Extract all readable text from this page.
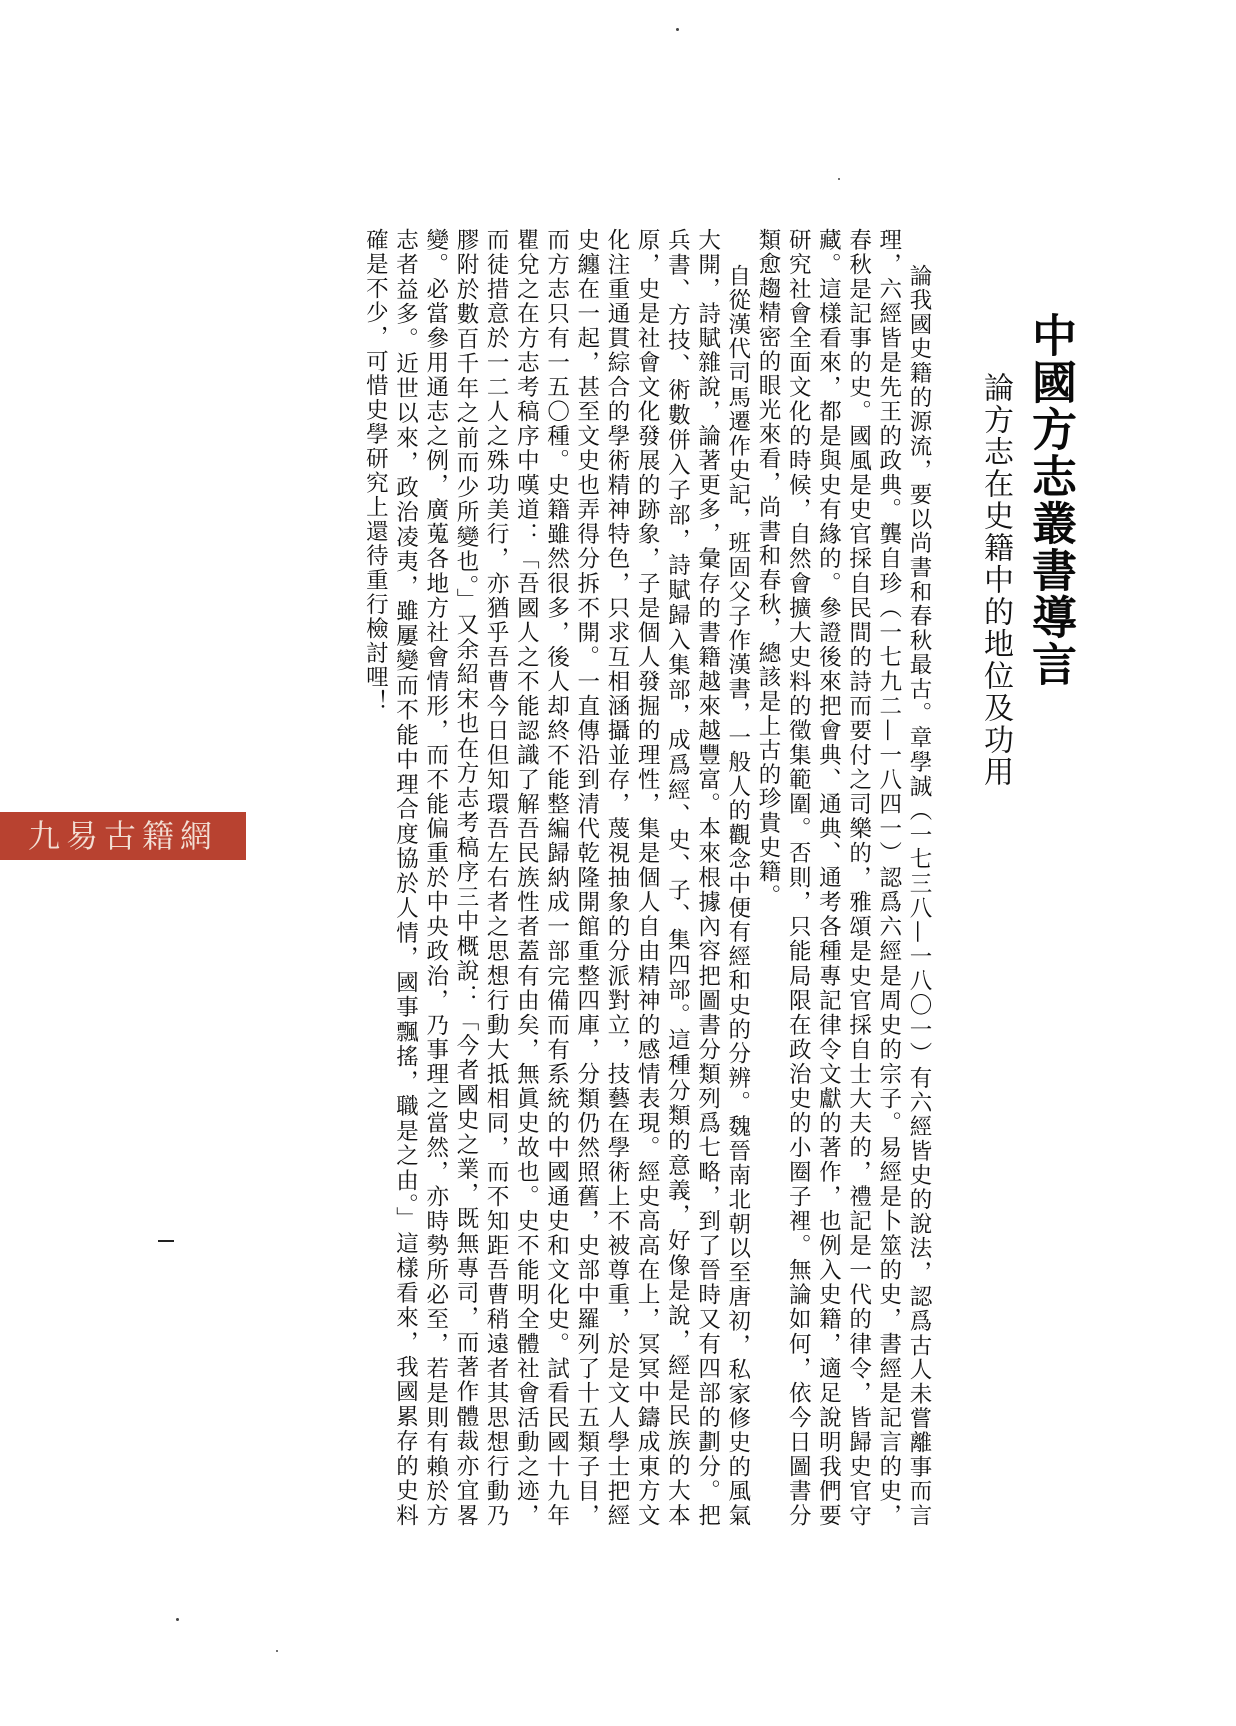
中國方志叢書導言
論方志在史籍中的地位及功用

論我國史籍的源流，要以尚書和春秋最古。章學誠（一七三八—一八〇一）有六經皆史的說法，認爲古人未嘗離事而言理，六經皆是先王的政典。龔自珍（一七九二—一八四一）認爲六經是周史的宗子。易經是卜筮的史，書經是記言的史，春秋是記事的史。國風是史官採自民間的詩而要付之司樂的，雅頌是史官採自士大夫的，禮記是一代的律令，皆歸史官守藏。這樣看來，都是與史有緣的。參證後來把會典、通典、通考各種專記律令文獻的著作，也例入史籍，適足說明我們要研究社會全面文化的時候，自然會擴大史料的徵集範圍。否則，只能局限在政治史的小圈子裡。無論如何，依今日圖書分類愈趨精密的眼光來看，尚書和春秋，總該是上古的珍貴史籍。

自從漢代司馬遷作史記，班固父子作漢書，一般人的觀念中便有經和史的分辨。魏晉南北朝以至唐初，私家修史的風氣大開，詩賦雜說，論著更多，彙存的書籍越來越豐富。本來根據內容把圖書分類列爲七略，到了晉時又有四部的劃分。把兵書、方技、術數併入子部，詩賦歸入集部，成爲經、史、子、集四部。這種分類的意義，好像是說，經是民族的大本原，史是社會文化發展的跡象，子是個人發掘的理性，集是個人自由精神的感情表現。經史高高在上，冥冥中鑄成東方文化注重通貫綜合的學術精神特色，只求互相涵攝並存，蔑視抽象的分派對立，技藝在學術上不被尊重，於是文人學士把經史纏在一起，甚至文史也弄得分拆不開。一直傳沿到清代乾隆開館重整四庫，分類仍然照舊，史部中羅列了十五類子目，而方志只有一五〇種。史籍雖然很多，後人却終不能整編歸納成一部完備而有系統的中國通史和文化史。試看民國十九年瞿兌之在方志考稿序中嘆道：「吾國人之不能認識了解吾民族性者蓋有由矣，無眞史故也。史不能明全體社會活動之迹，而徒措意於一二人之殊功美行，亦猶乎吾曹今日但知環吾左右者之思想行動大抵相同，而不知距吾曹稍遠者其思想行動乃膠附於數百千年之前而少所變也。」又余紹宋也在方志考稿序三中概說：「今者國史之業，既無專司，而著作體裁亦宜畧變。必當參用通志之例，廣蒐各地方社會情形，而不能偏重於中央政治，乃事理之當然，亦時勢所必至，若是則有賴於方志者益多。近世以來，政治凌夷，雖屢變而不能中理合度協於人情，國事飄搖，職是之由。」這樣看來，我國累存的史料確是不少，可惜史學研究上還待重行檢討哩！

九易古籍網
